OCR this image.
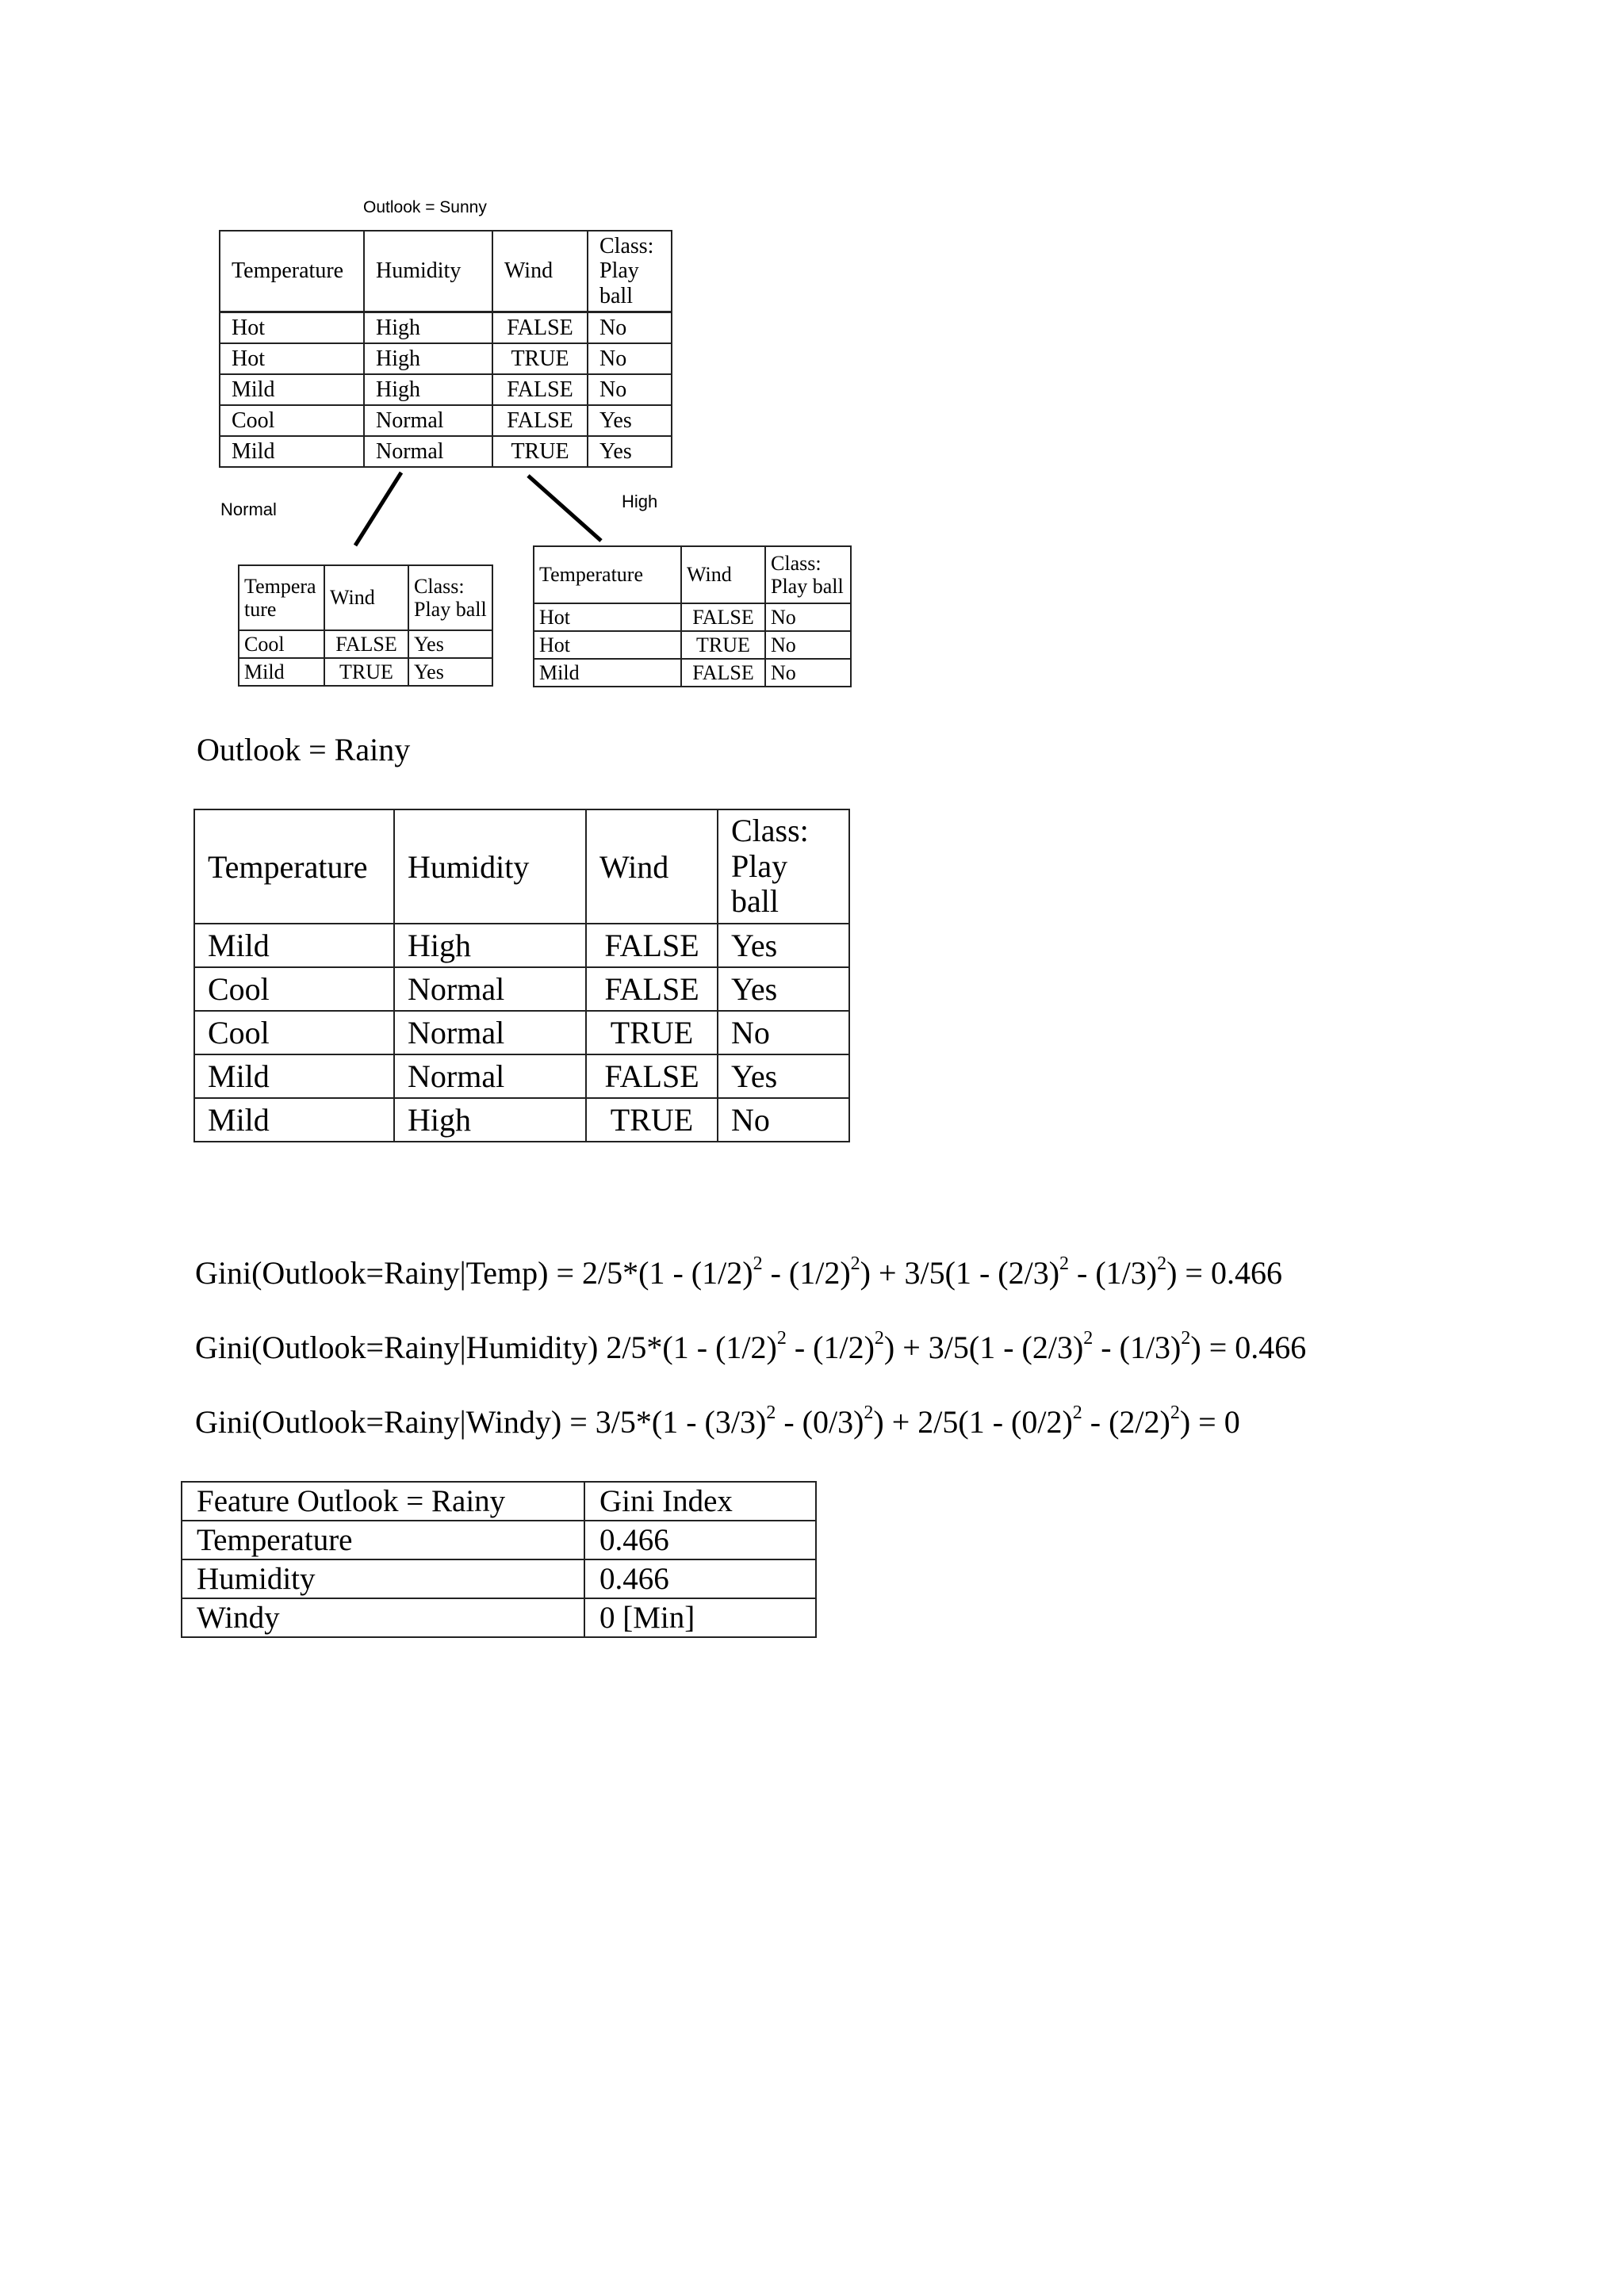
Outlook = Sunny
Temperature	Humidity	Wind	Class: Play ball
Hot	High	FALSE	No
Hot	High	TRUE	No
Mild	High	FALSE	No
Cool	Normal	FALSE	Yes
Mild	Normal	TRUE	Yes
Normal	High
Tempera ture	Wind	Class: Play ball
Cool	FALSE	Yes
Mild	TRUE	Yes
Temperature	Wind	Class: Play ball
Hot	FALSE	No
Hot	TRUE	No
Mild	FALSE	No
Outlook = Rainy
Temperature	Humidity	Wind	Class: Play ball
Mild	High	FALSE	Yes
Cool	Normal	FALSE	Yes
Cool	Normal	TRUE	No
Mild	Normal	FALSE	Yes
Mild	High	TRUE	No
Gini(Outlook=Rainy|Temp) = $2/5*(1 - (1/2)^2 - (1/2)^2) + 3/5(1 - (2/3)^2 - (1/3)^2) = 0.466$
Gini(Outlook=Rainy|Humidity) $2/5*(1 - (1/2)^2 - (1/2)^2) + 3/5(1 - (2/3)^2 - (1/3)^2) = 0.466$
Gini(Outlook=Rainy|Windy) = $3/5*(1 - (3/3)^2 - (0/3)^2) + 2/5(1 - (0/2)^2 - (2/2)^2) = 0$
Feature Outlook = Rainy	Gini Index
Temperature	0.466
Humidity	0.466
Windy	0 [Min]
